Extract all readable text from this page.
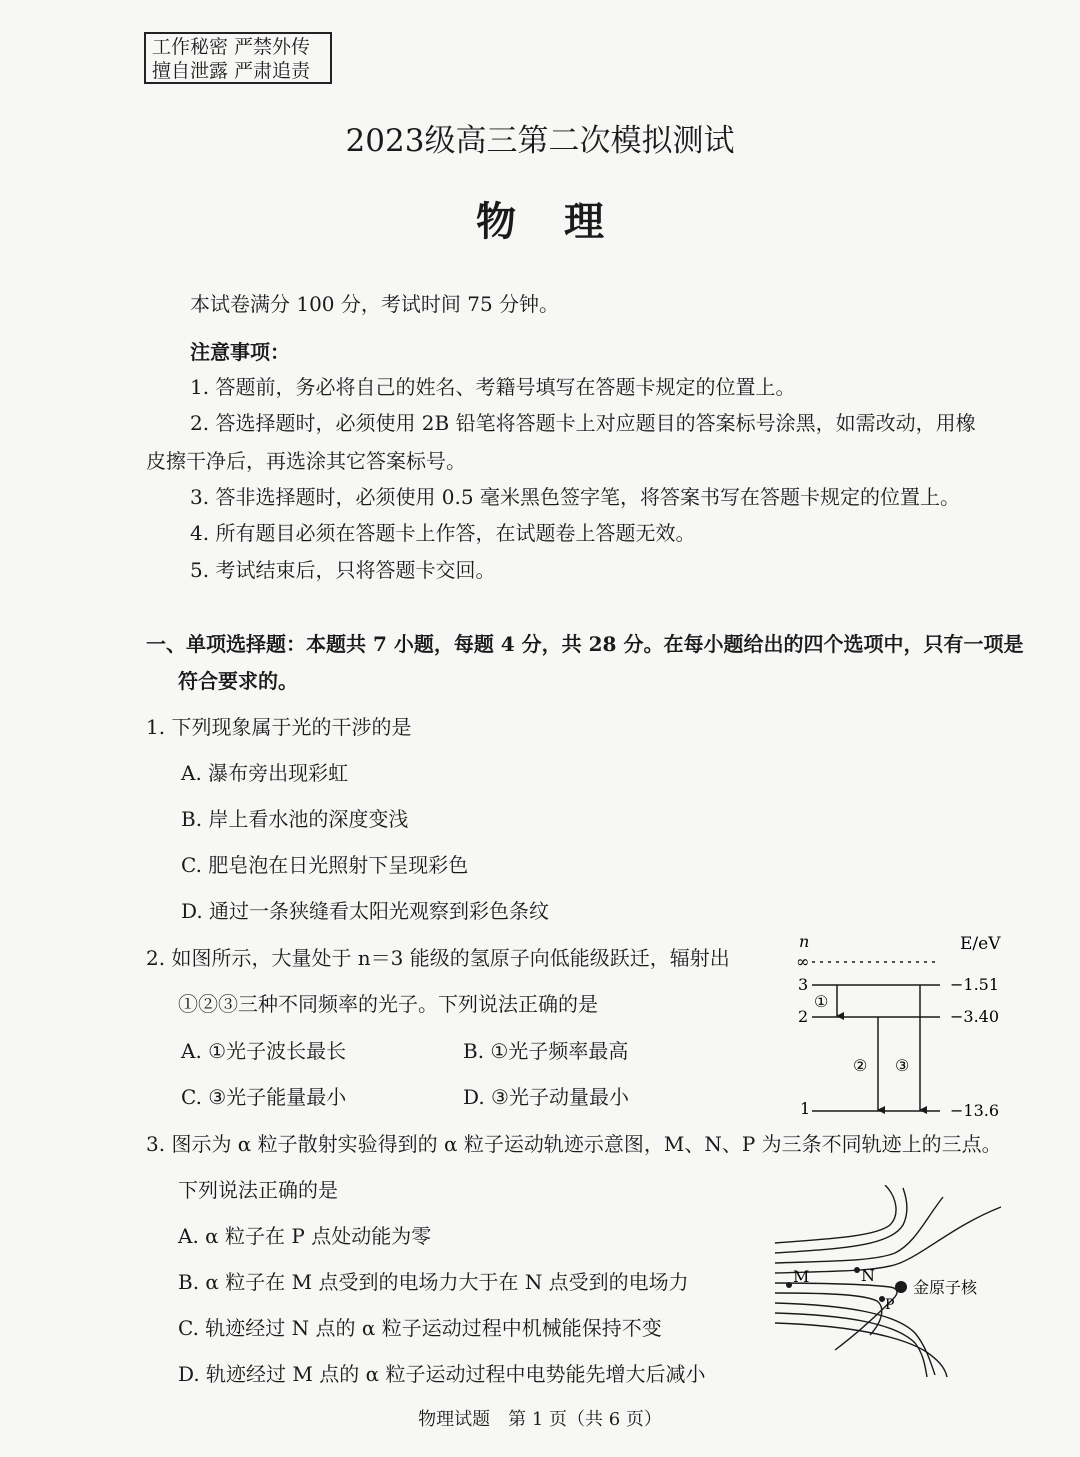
工作秘密 严禁外传
擅自泄露 严肃追责
2023级高三第二次模拟测试
物理
本试卷满分 100 分，考试时间 75 分钟。
注意事项：
1. 答题前，务必将自己的姓名、考籍号填写在答题卡规定的位置上。
2. 答选择题时，必须使用 2B 铅笔将答题卡上对应题目的答案标号涂黑，如需改动，用橡
皮擦干净后，再选涂其它答案标号。
3. 答非选择题时，必须使用 0.5 毫米黑色签字笔，将答案书写在答题卡规定的位置上。
4. 所有题目必须在答题卡上作答，在试题卷上答题无效。
5. 考试结束后，只将答题卡交回。
一、单项选择题：本题共 7 小题，每题 4 分，共 28 分。在每小题给出的四个选项中，只有一项是
符合要求的。
1. 下列现象属于光的干涉的是
A. 瀑布旁出现彩虹
B. 岸上看水池的深度变浅
C. 肥皂泡在日光照射下呈现彩色
D. 通过一条狭缝看太阳光观察到彩色条纹
2. 如图所示，大量处于 n＝3 能级的氢原子向低能级跃迁，辐射出
①②③三种不同频率的光子。下列说法正确的是
A. ①光子波长最长	B. ①光子频率最高
C. ③光子能量最小	D. ③光子动量最小
n	E/eV
∞
3	−1.51
2	−3.40
1	−13.6
①
② ③
3. 图示为 α 粒子散射实验得到的 α 粒子运动轨迹示意图，M、N、P 为三条不同轨迹上的三点。
下列说法正确的是
A. α 粒子在 P 点处动能为零
B. α 粒子在 M 点受到的电场力大于在 N 点受到的电场力
C. 轨迹经过 N 点的 α 粒子运动过程中机械能保持不变
D. 轨迹经过 M 点的 α 粒子运动过程中电势能先增大后减小
M	N
P
金原子核
物理试题　第 1 页（共 6 页）
